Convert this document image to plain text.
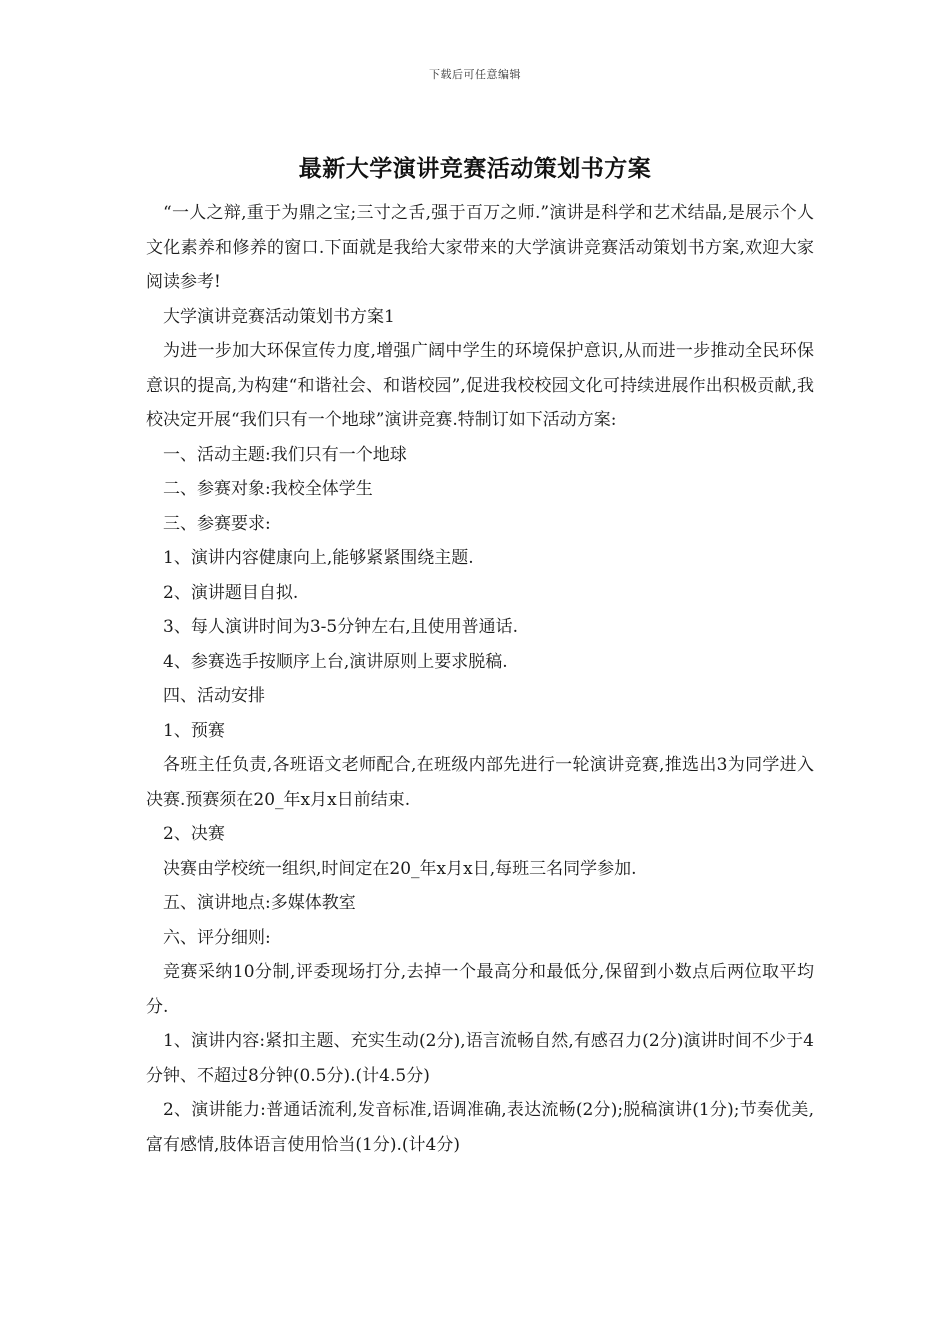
下载后可任意编辑
最新大学演讲竞赛活动策划书方案

“一人之辩,重于为鼎之宝;三寸之舌,强于百万之师.”演讲是科学和艺术结晶,是展示个人文化素养和修养的窗口.下面就是我给大家带来的大学演讲竞赛活动策划书方案,欢迎大家阅读参考!

大学演讲竞赛活动策划书方案1

为进一步加大环保宣传力度,增强广阔中学生的环境保护意识,从而进一步推动全民环保意识的提高,为构建“和谐社会、和谐校园”,促进我校校园文化可持续进展作出积极贡献,我校决定开展“我们只有一个地球”演讲竞赛.特制订如下活动方案:

一、活动主题:我们只有一个地球

二、参赛对象:我校全体学生

三、参赛要求:

1、演讲内容健康向上,能够紧紧围绕主题.

2、演讲题目自拟.

3、每人演讲时间为3-5分钟左右,且使用普通话.

4、参赛选手按顺序上台,演讲原则上要求脱稿.

四、活动安排

1、预赛

各班主任负责,各班语文老师配合,在班级内部先进行一轮演讲竞赛,推选出3为同学进入决赛.预赛须在20_年x月x日前结束.

2、决赛

决赛由学校统一组织,时间定在20_年x月x日,每班三名同学参加.

五、演讲地点:多媒体教室

六、评分细则:

竞赛采纳10分制,评委现场打分,去掉一个最高分和最低分,保留到小数点后两位取平均分.

1、演讲内容:紧扣主题、充实生动(2分),语言流畅自然,有感召力(2分)演讲时间不少于4分钟、不超过8分钟(0.5分).(计4.5分)

2、演讲能力:普通话流利,发音标准,语调准确,表达流畅(2分);脱稿演讲(1分);节奏优美,富有感情,肢体语言使用恰当(1分).(计4分)
